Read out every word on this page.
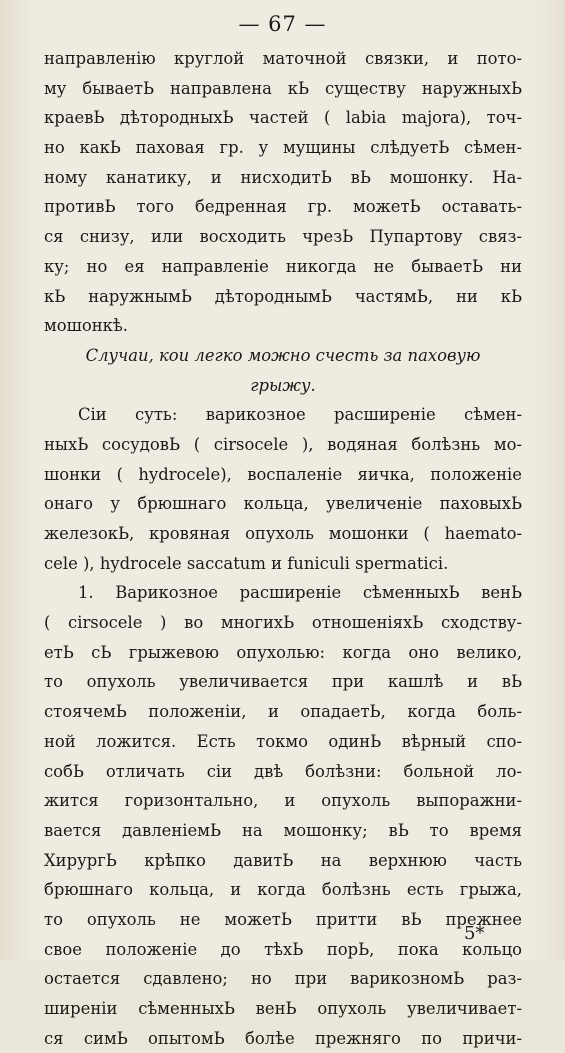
— 67 —
направленію круглой маточной связки, и пото-
му бываетЬ направлена кЬ существу наружныхЬ
краевЬ дѣтородныхЬ частей ( labia majora), точ-
но какЬ паховая гр. у мущины слѣдуетЬ сѣмен-
ному канатику, и нисходитЬ вЬ мошонку. На-
противЬ того бедренная гр. можетЬ оставать-
ся снизу, или восходить чрезЬ Пупартову связ-
ку; но ея направленіе никогда не бываетЬ ни
кЬ наружнымЬ дѣтороднымЬ частямЬ, ни кЬ
мошонкѣ.
Случаи, кои легко можно счесть за паховую
грыжу.
Сіи суть: варикозное расширеніе сѣмен-
ныхЬ сосудовЬ ( cirsocele ), водяная болѣзнь мо-
шонки ( hydrocele), воспаленіе яичка, положеніе
онаго у брюшнаго кольца, увеличеніе паховыхЬ
железокЬ, кровяная опухоль мошонки ( haemato-
cele ), hydrocele saccatum и funiculi spermatici.
1. Варикозное расширеніе сѣменныхЬ венЬ
( cirsocele ) во многихЬ отношеніяхЬ сходству-
етЬ сЬ грыжевою опухолью: когда оно велико,
то опухоль увеличивается при кашлѣ и вЬ
стоячемЬ положеніи, и опадаетЬ, когда боль-
ной ложится. Есть токмо одинЬ вѣрный спо-
собЬ отличать сіи двѣ болѣзни: больной ло-
жится горизонтально, и опухоль выпоражни-
вается давленіемЬ на мошонку; вЬ то время
ХирургЬ крѣпко давитЬ на верхнюю часть
брюшнаго кольца, и когда болѣзнь есть грыжа,
то опухоль не можетЬ притти вЬ прежнее
свое положеніе до тѣхЬ порЬ, пока кольцо
остается сдавлено; но при варикозномЬ раз-
ширеніи сѣменныхЬ венЬ опухоль увеличивает-
ся симЬ опытомЬ болѣе прежняго по причи-
5*
